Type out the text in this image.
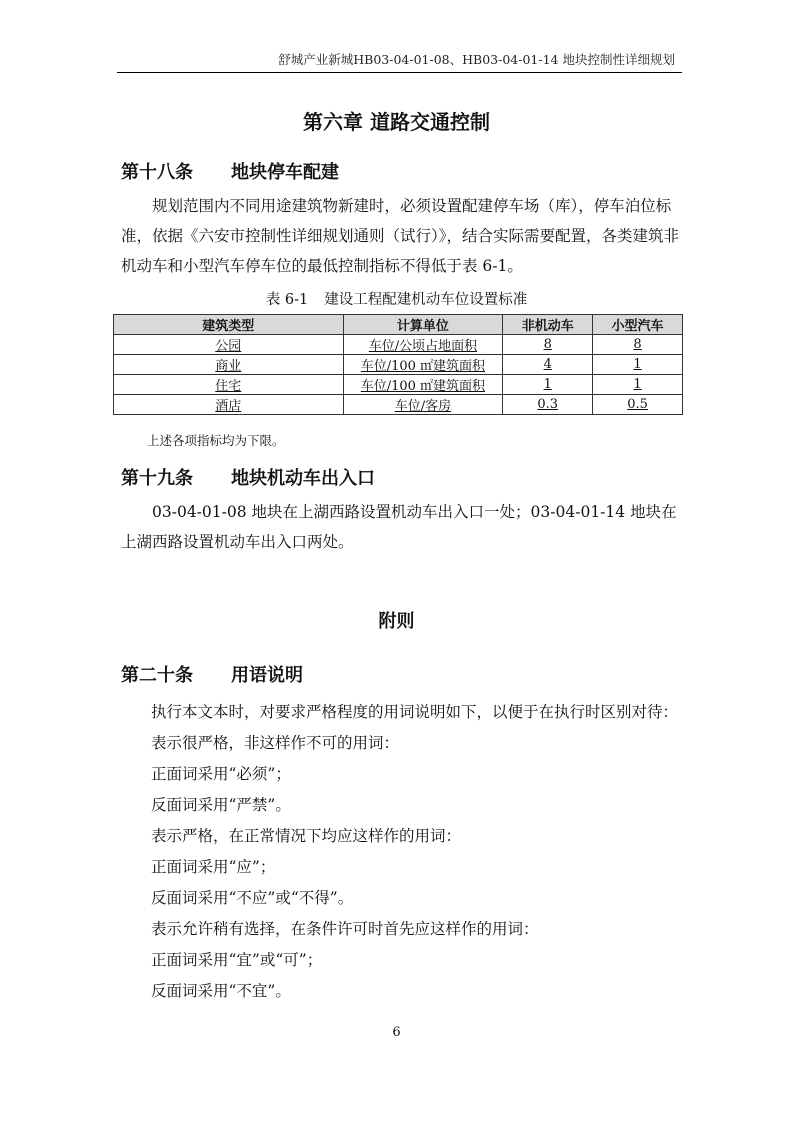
舒城产业新城HB03-04-01-08、HB03-04-01-14 地块控制性详细规划
第六章 道路交通控制
第十八条 地块停车配建
规划范围内不同用途建筑物新建时，必须设置配建停车场（库），停车泊位标准，依据《六安市控制性详细规划通则（试行）》，结合实际需要配置，各类建筑非机动车和小型汽车停车位的最低控制指标不得低于表 6-1。
表 6-1 建设工程配建机动车位设置标准
建筑类型	计算单位	非机动车	小型汽车
公园	车位/公顷占地面积	8	8
商业	车位/100 ㎡建筑面积	4	1
住宅	车位/100 ㎡建筑面积	1	1
酒店	车位/客房	0.3	0.5
上述各项指标均为下限。
第十九条 地块机动车出入口
03-04-01-08 地块在上湖西路设置机动车出入口一处；03-04-01-14 地块在上湖西路设置机动车出入口两处。
附则
第二十条 用语说明
执行本文本时，对要求严格程度的用词说明如下，以便于在执行时区别对待：
表示很严格，非这样作不可的用词：
正面词采用“必须”；
反面词采用“严禁”。
表示严格，在正常情况下均应这样作的用词：
正面词采用“应”；
反面词采用“不应”或“不得”。
表示允许稍有选择，在条件许可时首先应这样作的用词：
正面词采用“宜”或“可”；
反面词采用“不宜”。
6
